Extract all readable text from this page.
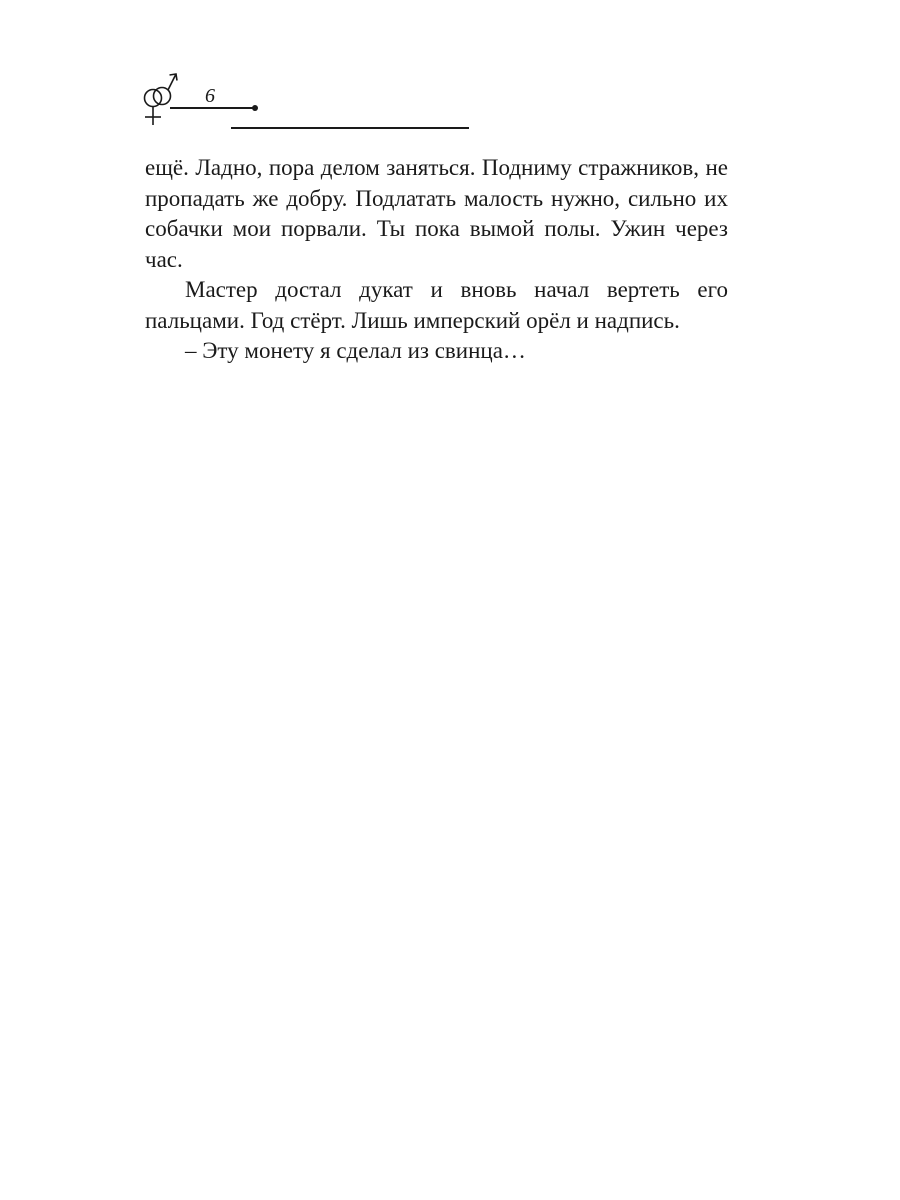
6

ещё. Ладно, пора делом заняться. Подниму стражников, не пропадать же добру. Подлатать малость нужно, сильно их собачки мои порвали. Ты пока вымой полы. Ужин через час.

Мастер достал дукат и вновь начал вертеть его пальцами. Год стёрт. Лишь имперский орёл и надпись.

– Эту монету я сделал из свинца…
